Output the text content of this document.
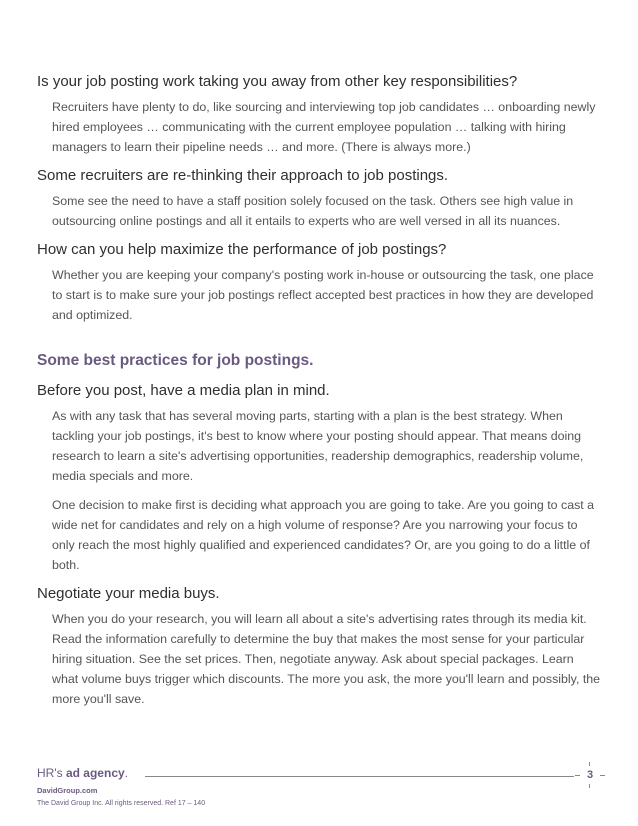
Is your job posting work taking you away from other key responsibilities?
Recruiters have plenty to do, like sourcing and interviewing top job candidates … onboarding newly hired employees … communicating with the current employee population … talking with hiring managers to learn their pipeline needs … and more. (There is always more.)
Some recruiters are re-thinking their approach to job postings.
Some see the need to have a staff position solely focused on the task. Others see high value in outsourcing online postings and all it entails to experts who are well versed in all its nuances.
How can you help maximize the performance of job postings?
Whether you are keeping your company's posting work in-house or outsourcing the task, one place to start is to make sure your job postings reflect accepted best practices in how they are developed and optimized.
Some best practices for job postings.
Before you post, have a media plan in mind.
As with any task that has several moving parts, starting with a plan is the best strategy. When tackling your job postings, it's best to know where your posting should appear. That means doing research to learn a site's advertising opportunities, readership demographics, readership volume, media specials and more.
One decision to make first is deciding what approach you are going to take. Are you going to cast a wide net for candidates and rely on a high volume of response? Are you narrowing your focus to only reach the most highly qualified and experienced candidates? Or, are you going to do a little of both.
Negotiate your media buys.
When you do your research, you will learn all about a site's advertising rates through its media kit. Read the information carefully to determine the buy that makes the most sense for your particular hiring situation. See the set prices. Then, negotiate anyway. Ask about special packages. Learn what volume buys trigger which discounts. The more you ask, the more you'll learn and possibly, the more you'll save.
HR's ad agency.	3
DavidGroup.com
The David Group Inc. All rights reserved. Ref 17 – 140
